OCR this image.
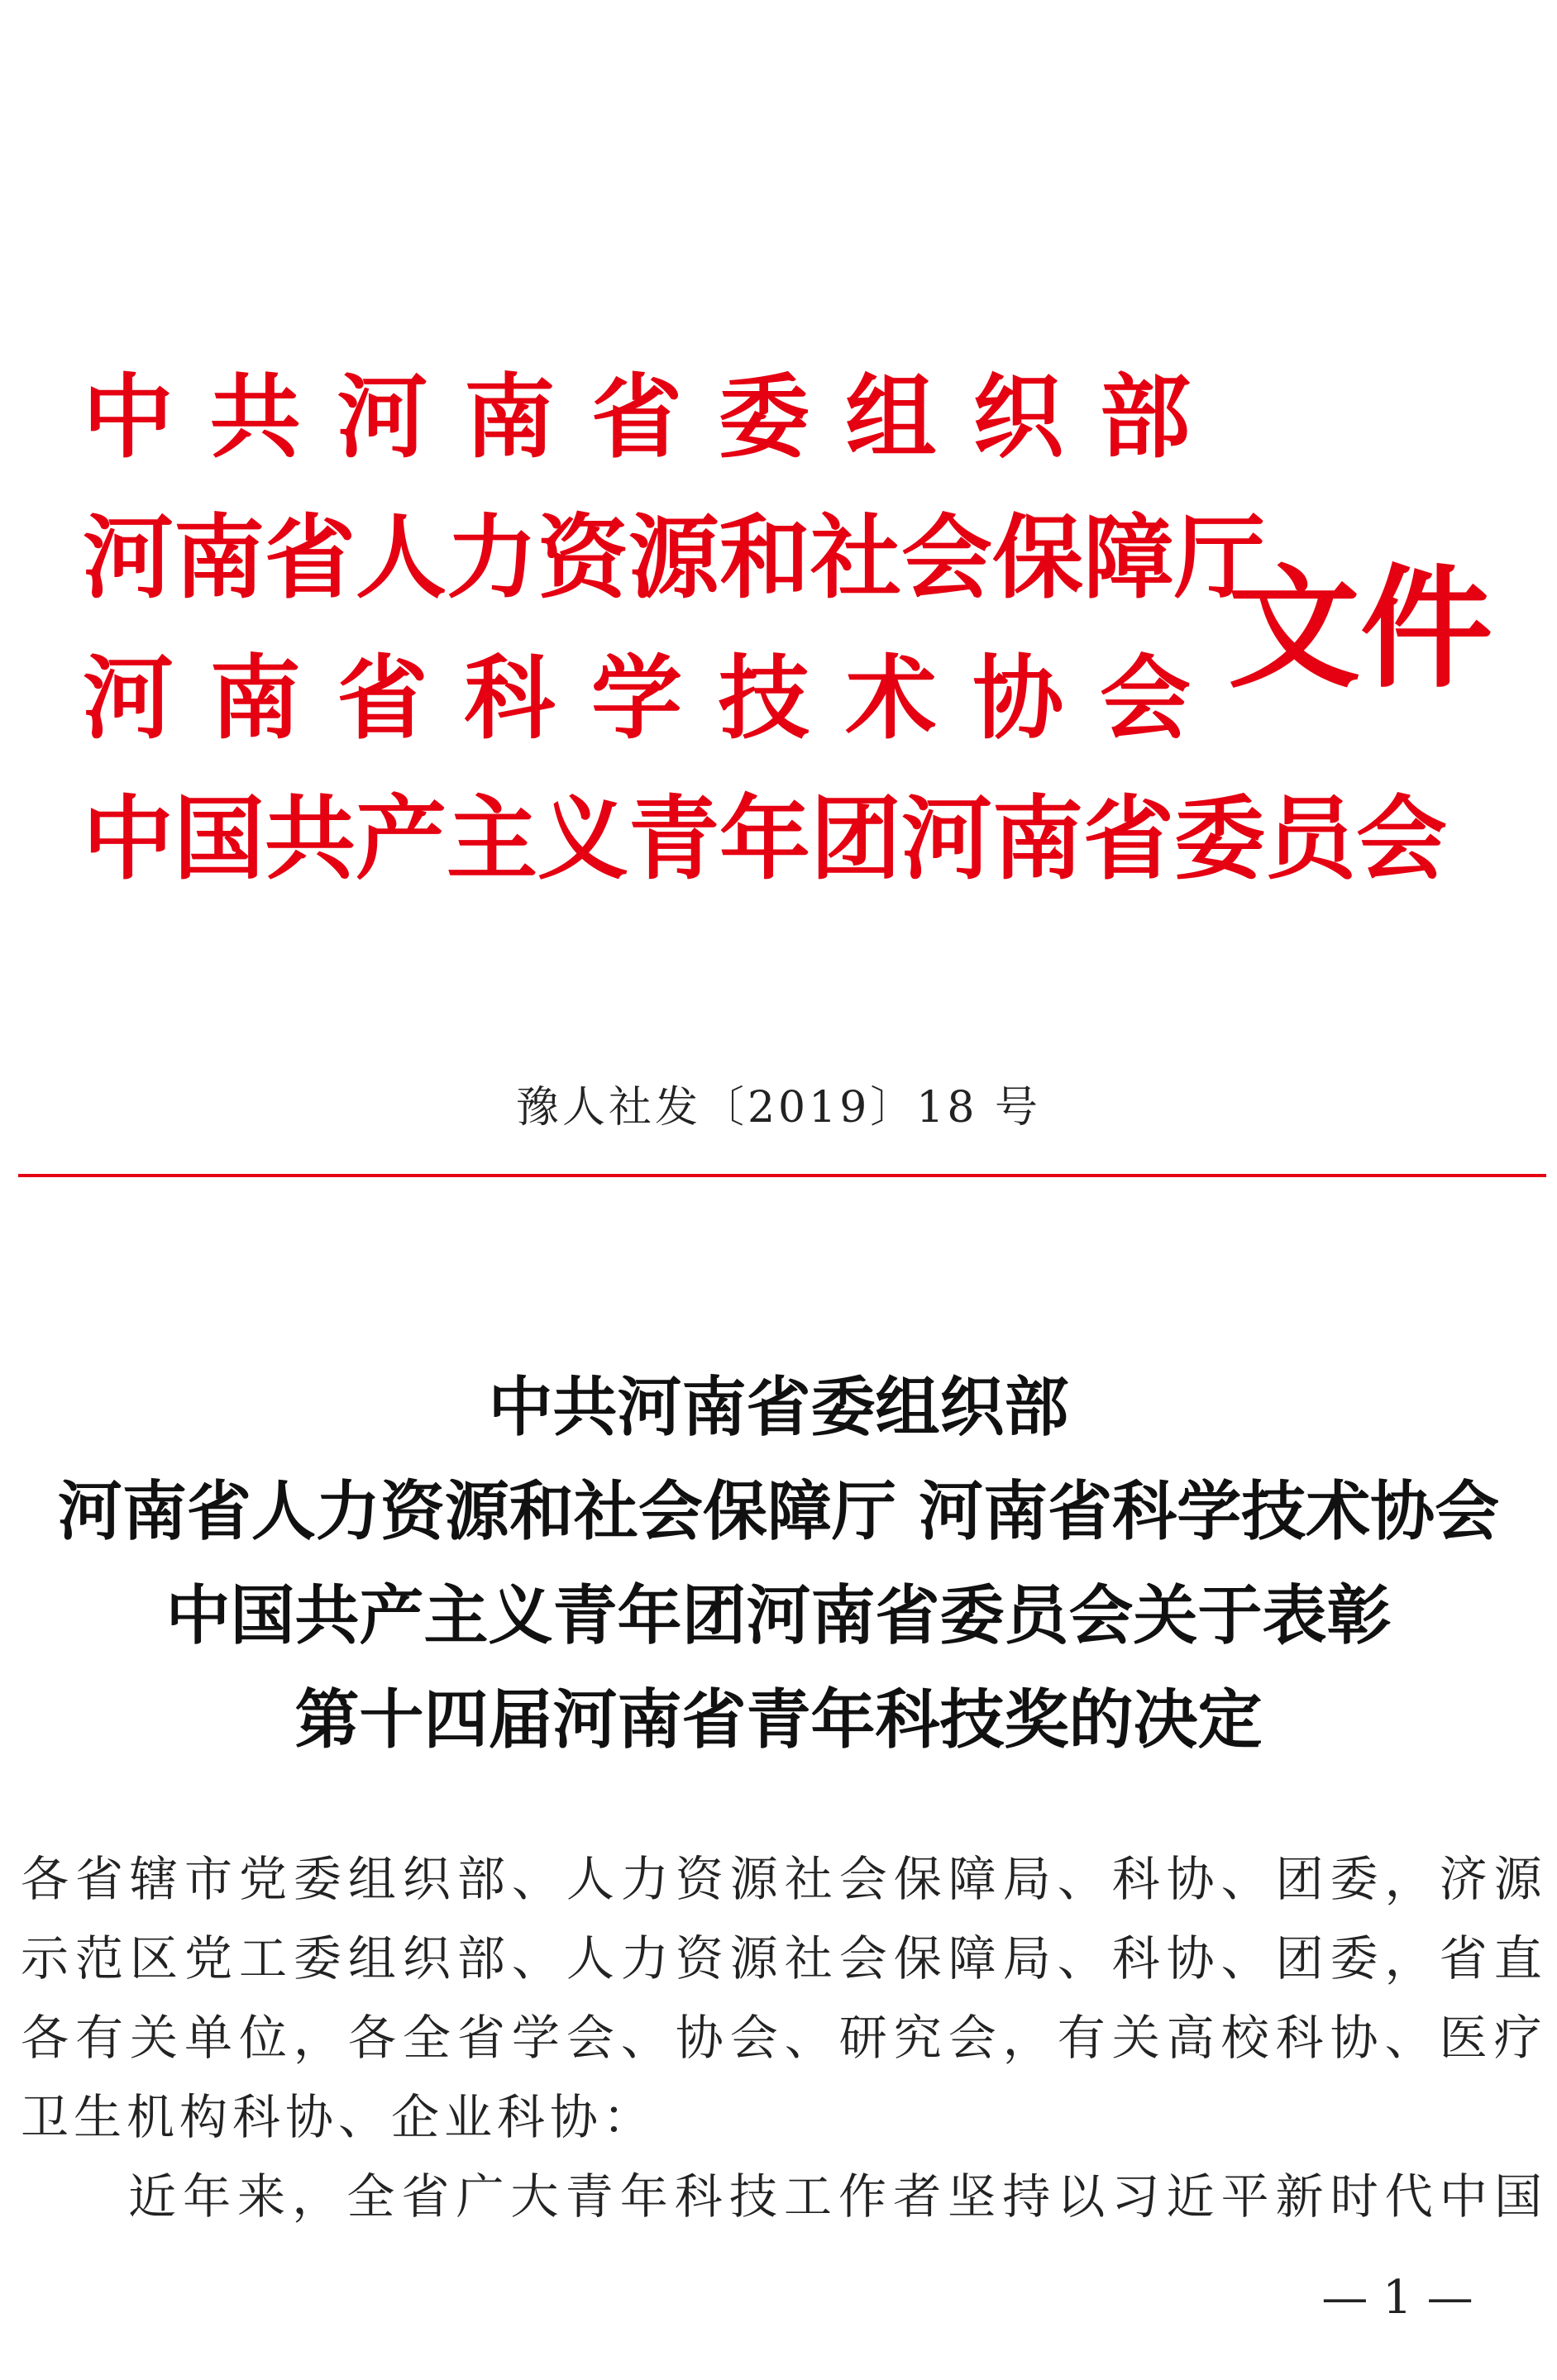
中 共 河 南 省 委 组 织 部
河 南 省 人 力 资 源 和 社 会 保 障 厅
河 南 省 科 学 技 术 协 会
中 国 共 产 主 义 青 年 团 河 南 省 委 员 会
文件
豫人社发〔2019〕18 号
中共河南省委组织部
河南省人力资源和社会保障厅 河南省科学技术协会
中国共产主义青年团河南省委员会关于表彰
第十四届河南省青年科技奖的决定
各 省 辖 市 党 委 组 织 部 、 人 力 资 源 社 会 保 障 局 、 科 协 、 团 委 ， 济 源
示 范 区 党 工 委 组 织 部 、 人 力 资 源 社 会 保 障 局 、 科 协 、 团 委 ， 省 直
各 有 关 单 位 ， 各 全 省 学 会 、 协 会 、 研 究 会 ， 有 关 高 校 科 协 、 医 疗
卫生机构科协、企业科协：
近 年 来 ， 全 省 广 大 青 年 科 技 工 作 者 坚 持 以 习 近 平 新 时 代 中 国
— 1 —
